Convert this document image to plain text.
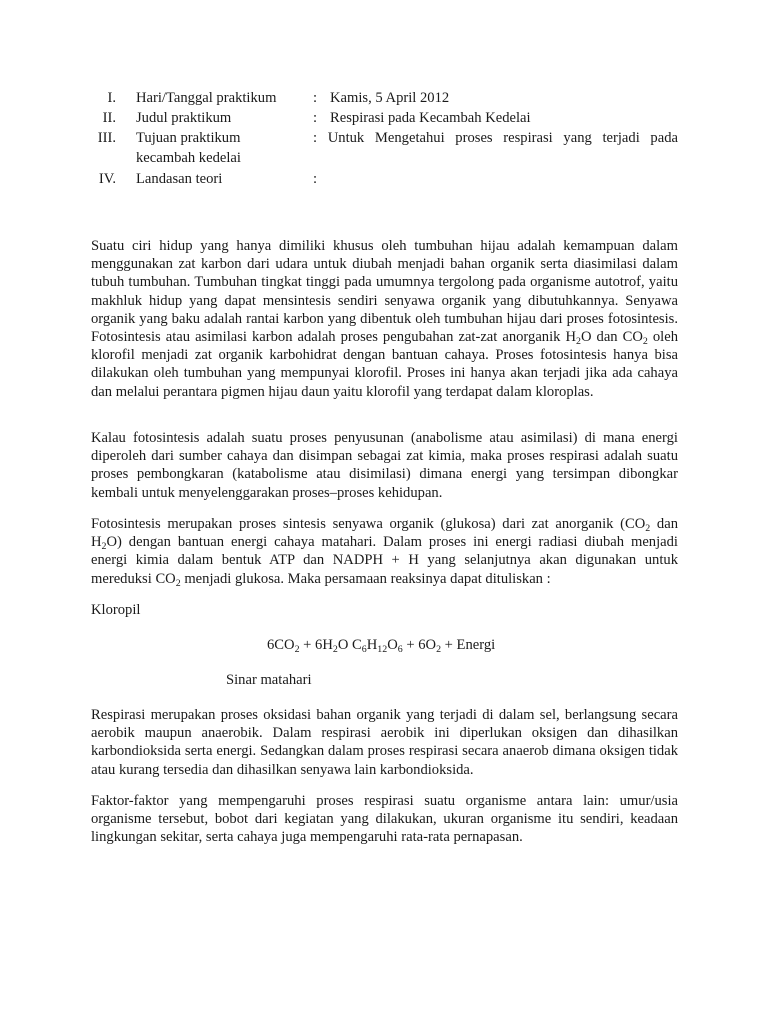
I. Hari/Tanggal praktikum	: Kamis, 5 April 2012
II. Judul praktikum	: Respirasi pada Kecambah Kedelai
III. Tujuan praktikum	: Untuk Mengetahui proses respirasi yang terjadi pada
kecambah kedelai
IV. Landasan teori	:

Suatu ciri hidup yang hanya dimiliki khusus oleh tumbuhan hijau adalah kemampuan dalam menggunakan zat karbon dari udara untuk diubah menjadi bahan organik serta diasimilasi dalam tubuh tumbuhan. Tumbuhan tingkat tinggi pada umumnya tergolong pada organisme autotrof, yaitu makhluk hidup yang dapat mensintesis sendiri senyawa organik yang dibutuhkannya. Senyawa organik yang baku adalah rantai karbon yang dibentuk oleh tumbuhan hijau dari proses fotosintesis. Fotosintesis atau asimilasi karbon adalah proses pengubahan zat-zat anorganik $H_2O$ dan $CO_2$ oleh klorofil menjadi zat organik karbohidrat dengan bantuan cahaya. Proses fotosintesis hanya bisa dilakukan oleh tumbuhan yang mempunyai klorofil. Proses ini hanya akan terjadi jika ada cahaya dan melalui perantara pigmen hijau daun yaitu klorofil yang terdapat dalam kloroplas.

Kalau fotosintesis adalah suatu proses penyusunan (anabolisme atau asimilasi) di mana energi diperoleh dari sumber cahaya dan disimpan sebagai zat kimia, maka proses respirasi adalah suatu proses pembongkaran (katabolisme atau disimilasi) dimana energi yang tersimpan dibongkar kembali untuk menyelenggarakan proses–proses kehidupan.

Fotosintesis merupakan proses sintesis senyawa organik (glukosa) dari zat anorganik ($CO_2$ dan $H_2O$) dengan bantuan energi cahaya matahari. Dalam proses ini energi radiasi diubah menjadi energi kimia dalam bentuk ATP dan NADPH + H yang selanjutnya akan digunakan untuk mereduksi $CO_2$ menjadi glukosa. Maka persamaan reaksinya dapat dituliskan :

Kloropil
$6CO_2 + 6H_2O$ $C_6H_{12}O_6 + 6O_2$ + Energi
Sinar matahari

Respirasi merupakan proses oksidasi bahan organik yang terjadi di dalam sel, berlangsung secara aerobik maupun anaerobik. Dalam respirasi aerobik ini diperlukan oksigen dan dihasilkan karbondioksida serta energi. Sedangkan dalam proses respirasi secara anaerob dimana oksigen tidak atau kurang tersedia dan dihasilkan senyawa lain karbondioksida.

Faktor-faktor yang mempengaruhi proses respirasi suatu organisme antara lain: umur/usia organisme tersebut, bobot dari kegiatan yang dilakukan, ukuran organisme itu sendiri, keadaan lingkungan sekitar, serta cahaya juga mempengaruhi rata-rata pernapasan.
